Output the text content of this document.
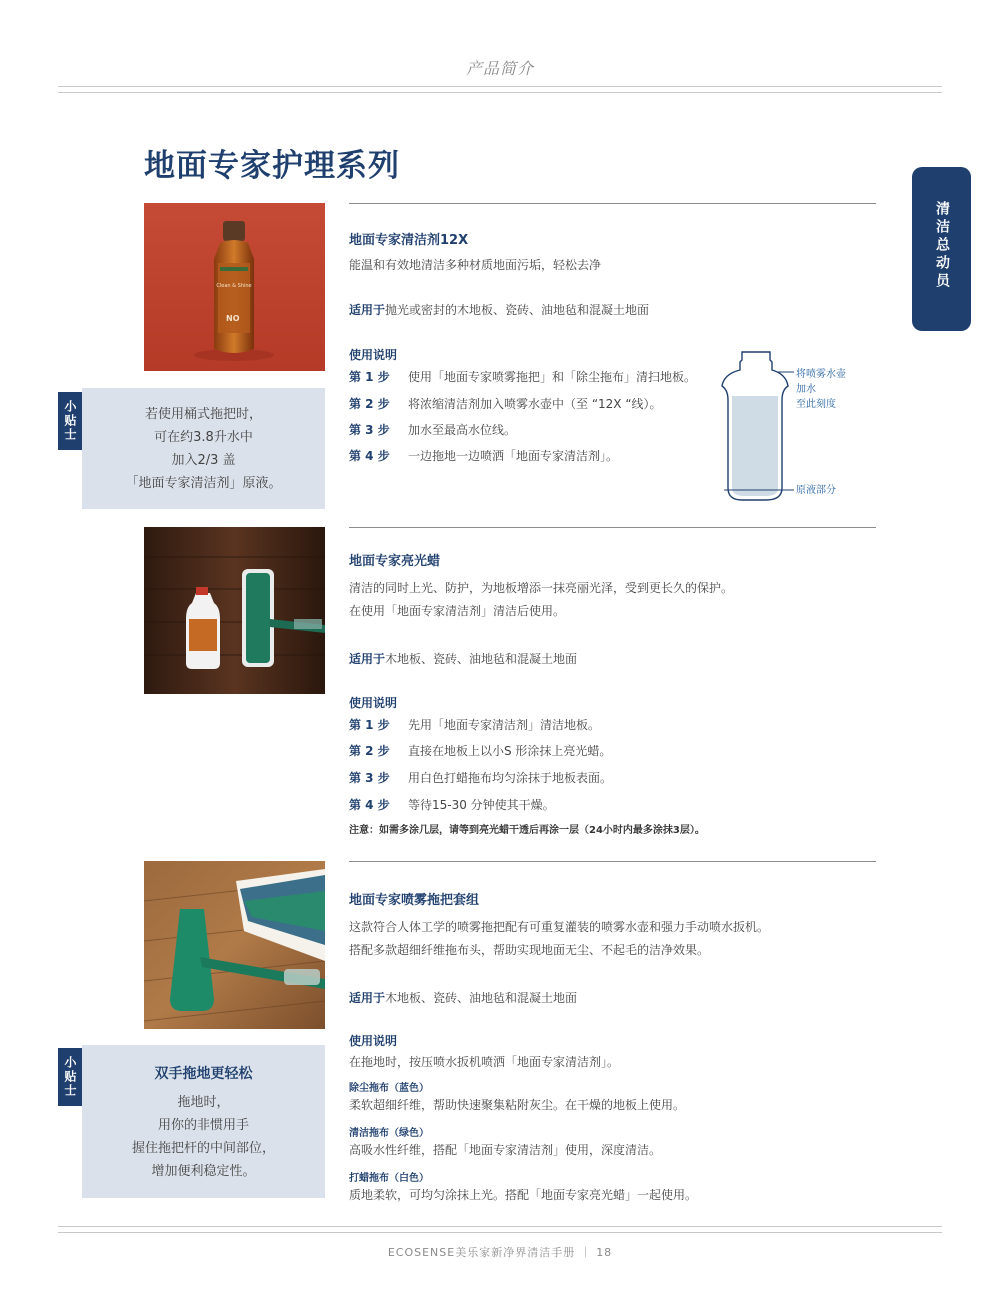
产品简介
地面专家护理系列
清洁总动员
Clean & Shine
NO
地面专家清洁剂12X
能温和有效地清洁多种材质地面污垢，轻松去净
适用于抛光或密封的木地板、瓷砖、油地毡和混凝土地面
使用说明
第 1 步 使用「地面专家喷雾拖把」和「除尘拖布」清扫地板。
第 2 步 将浓缩清洁剂加入喷雾水壶中（至 “12X “线）。
第 3 步 加水至最高水位线。
第 4 步 一边拖地一边喷洒「地面专家清洁剂」。
将喷雾水壶
加水
至此刻度
原液部分
小贴士	若使用桶式拖把时，
可在约3.8升水中
加入2/3 盖
「地面专家清洁剂」原液。
地面专家亮光蜡
清洁的同时上光、防护，为地板增添一抹亮丽光泽，受到更长久的保护。
在使用「地面专家清洁剂」清洁后使用。
适用于木地板、瓷砖、油地毡和混凝土地面
使用说明
第 1 步 先用「地面专家清洁剂」清洁地板。
第 2 步 直接在地板上以小S 形涂抹上亮光蜡。
第 3 步 用白色打蜡拖布均匀涂抹于地板表面。
第 4 步 等待15-30 分钟使其干燥。
注意：如需多涂几层，请等到亮光蜡干透后再涂一层（24小时内最多涂抹3层）。
地面专家喷雾拖把套组
这款符合人体工学的喷雾拖把配有可重复灌装的喷雾水壶和强力手动喷水扳机。
搭配多款超细纤维拖布头，帮助实现地面无尘、不起毛的洁净效果。
适用于木地板、瓷砖、油地毡和混凝土地面
使用说明
在拖地时，按压喷水扳机喷洒「地面专家清洁剂」。
除尘拖布（蓝色）
柔软超细纤维，帮助快速聚集粘附灰尘。在干燥的地板上使用。
清洁拖布（绿色）
高吸水性纤维，搭配「地面专家清洁剂」使用，深度清洁。
打蜡拖布（白色）
质地柔软，可均匀涂抹上光。搭配「地面专家亮光蜡」一起使用。
小贴士	双手拖地更轻松
拖地时，
用你的非惯用手
握住拖把杆的中间部位，
增加便利稳定性。
ECOSENSE美乐家新净界清洁手册 ｜ 18
